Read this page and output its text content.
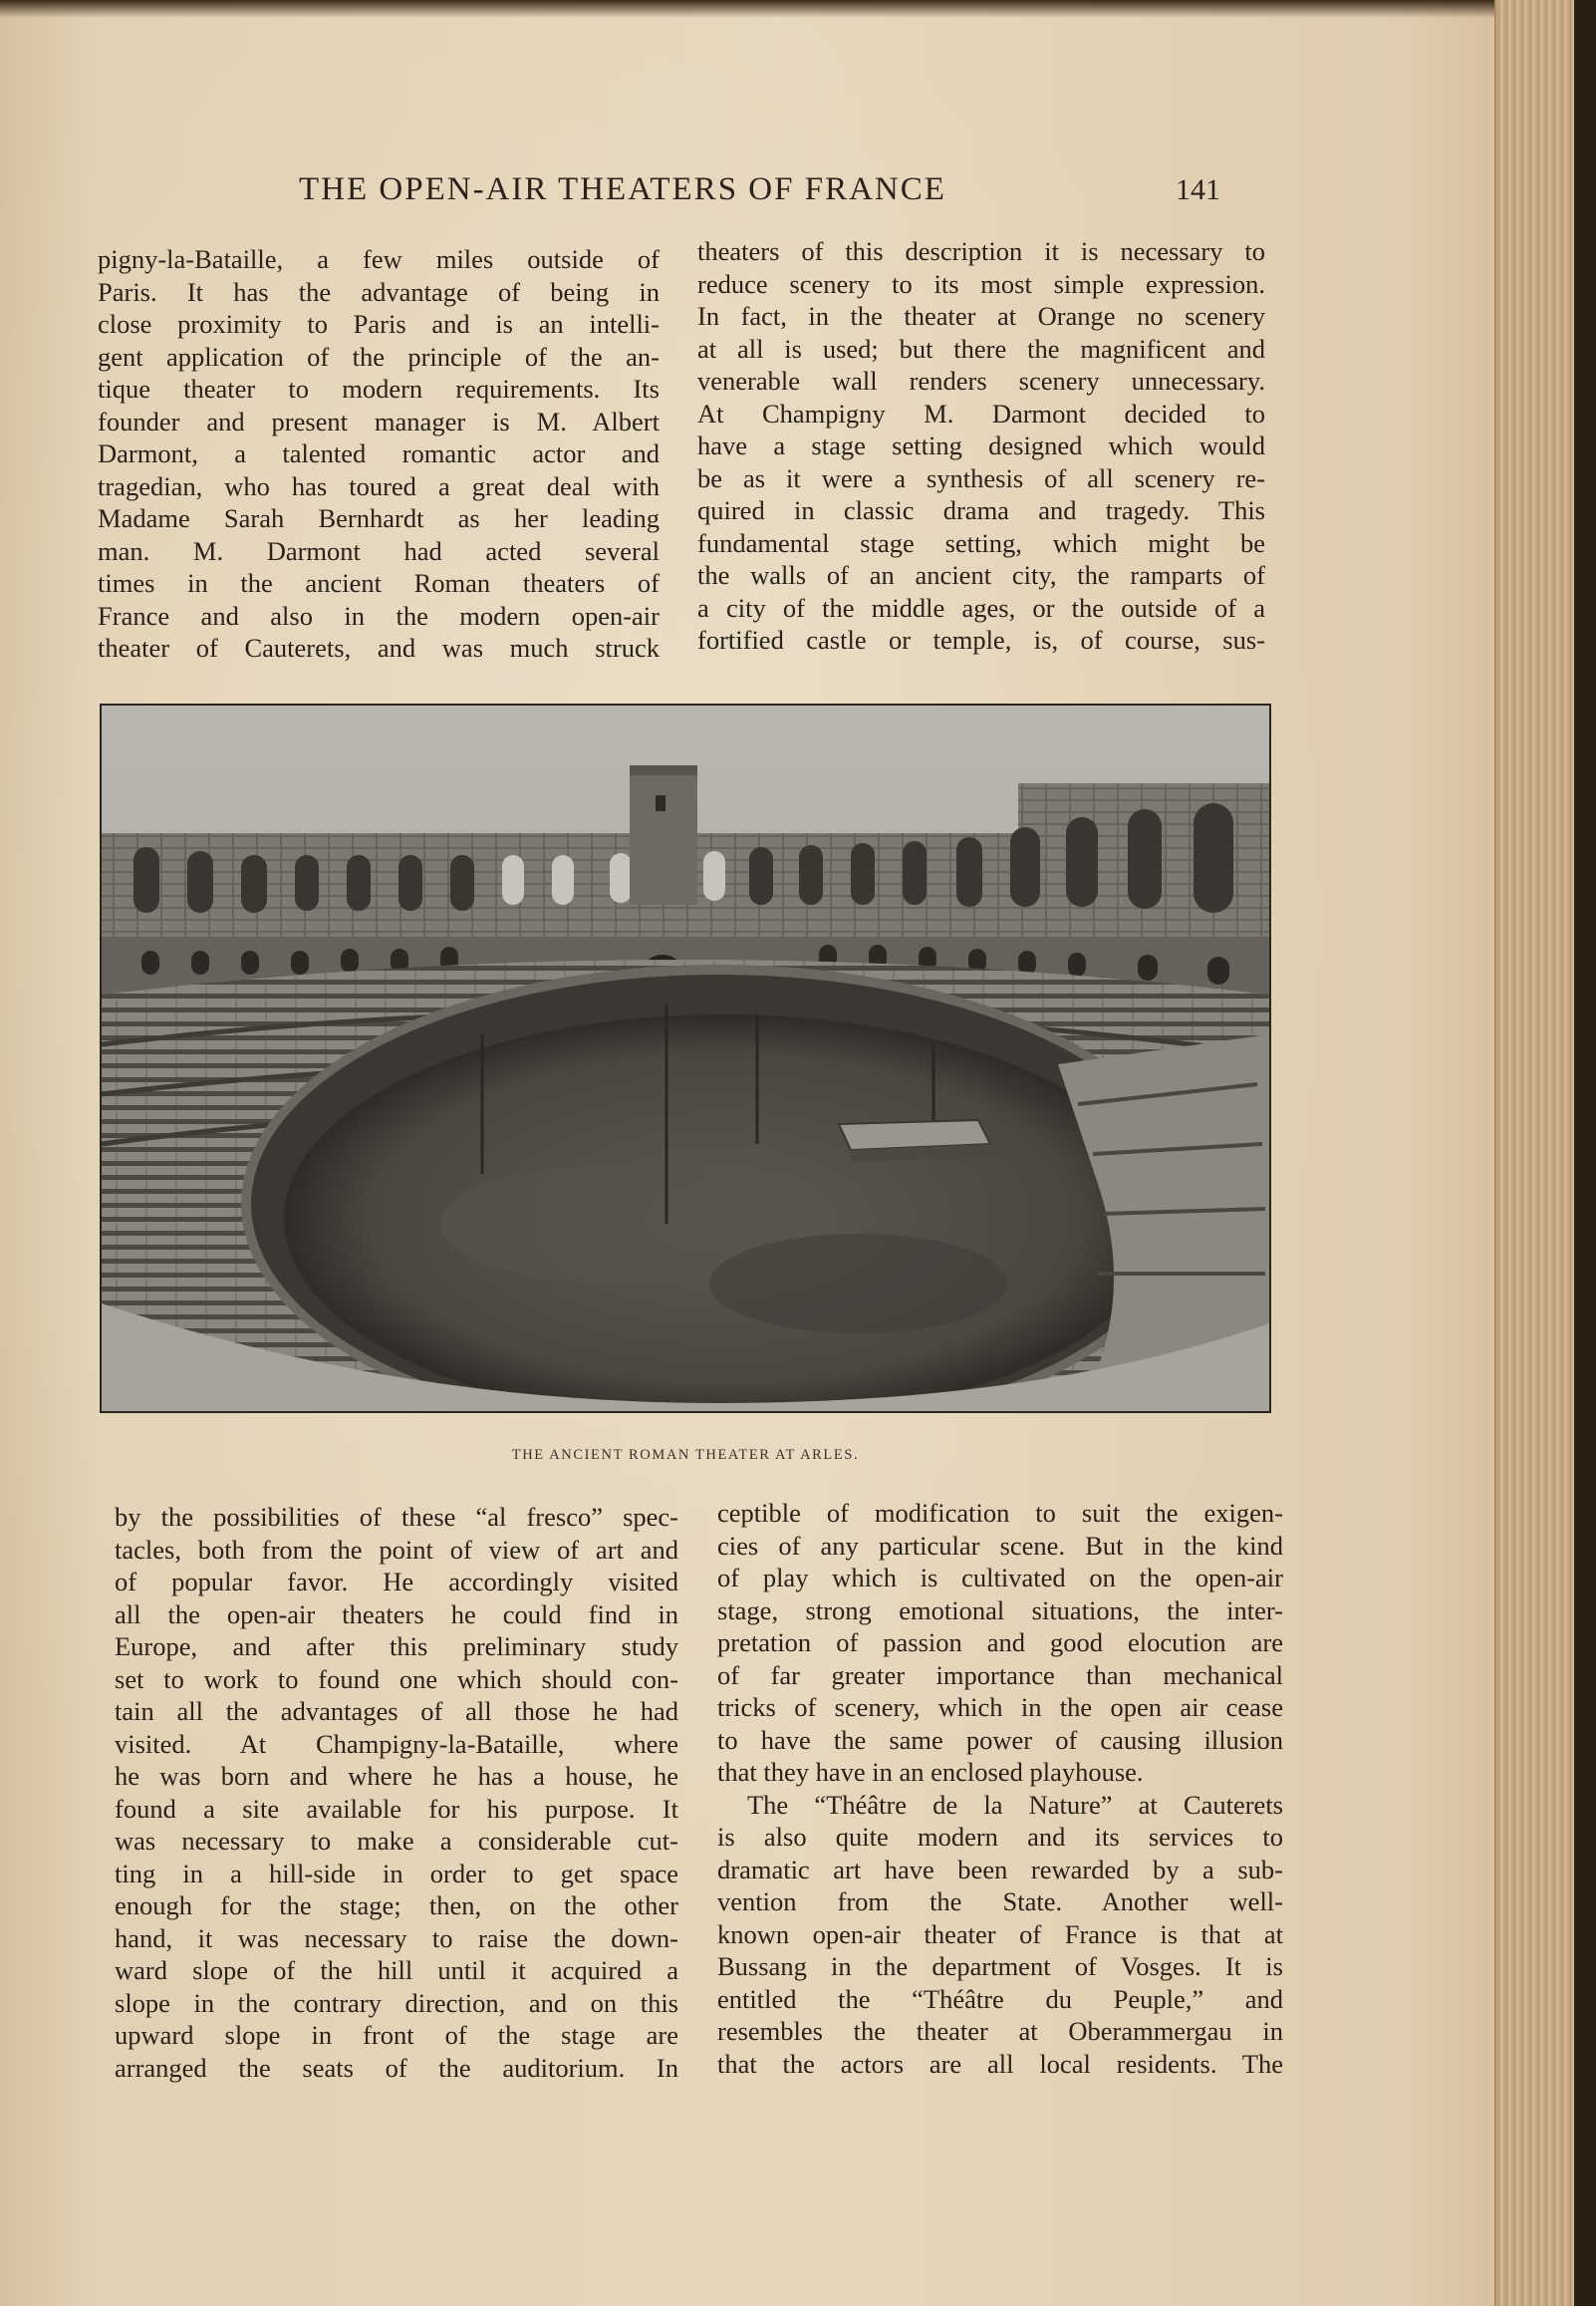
THE OPEN-AIR THEATERS OF FRANCE	141
pigny-la-Bataille, a few miles outside of
Paris. It has the advantage of being in
close proximity to Paris and is an intelli-
gent application of the principle of the an-
tique theater to modern requirements. Its
founder and present manager is M. Albert
Darmont, a talented romantic actor and
tragedian, who has toured a great deal with
Madame Sarah Bernhardt as her leading
man. M. Darmont had acted several
times in the ancient Roman theaters of
France and also in the modern open-air
theater of Cauterets, and was much struck
theaters of this description it is necessary to
reduce scenery to its most simple expression.
In fact, in the theater at Orange no scenery
at all is used; but there the magnificent and
venerable wall renders scenery unnecessary.
At Champigny M. Darmont decided to
have a stage setting designed which would
be as it were a synthesis of all scenery re-
quired in classic drama and tragedy. This
fundamental stage setting, which might be
the walls of an ancient city, the ramparts of
a city of the middle ages, or the outside of a
fortified castle or temple, is, of course, sus-
THE ANCIENT ROMAN THEATER AT ARLES.
by the possibilities of these “al fresco” spec-
tacles, both from the point of view of art and
of popular favor. He accordingly visited
all the open-air theaters he could find in
Europe, and after this preliminary study
set to work to found one which should con-
tain all the advantages of all those he had
visited. At Champigny-la-Bataille, where
he was born and where he has a house, he
found a site available for his purpose. It
was necessary to make a considerable cut-
ting in a hill-side in order to get space
enough for the stage; then, on the other
hand, it was necessary to raise the down-
ward slope of the hill until it acquired a
slope in the contrary direction, and on this
upward slope in front of the stage are
arranged the seats of the auditorium. In
ceptible of modification to suit the exigen-
cies of any particular scene. But in the kind
of play which is cultivated on the open-air
stage, strong emotional situations, the inter-
pretation of passion and good elocution are
of far greater importance than mechanical
tricks of scenery, which in the open air cease
to have the same power of causing illusion
that they have in an enclosed playhouse.
The “Théâtre de la Nature” at Cauterets
is also quite modern and its services to
dramatic art have been rewarded by a sub-
vention from the State. Another well-
known open-air theater of France is that at
Bussang in the department of Vosges. It is
entitled the “Théâtre du Peuple,” and
resembles the theater at Oberammergau in
that the actors are all local residents. The
